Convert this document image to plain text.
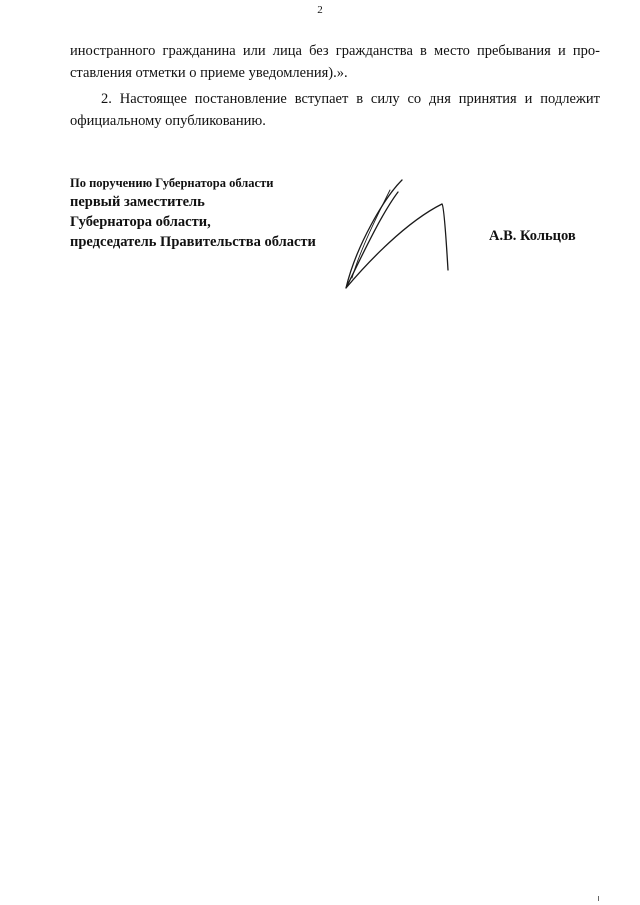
2
иностранного гражданина или лица без гражданства в место пребывания и про-
ставления отметки о приеме уведомления).».
2. Настоящее постановление вступает в силу со дня принятия и подлежит
официальному опубликованию.
По поручению Губернатора области
первый заместитель
Губернатора области,
председатель Правительства области	А.В. Кольцов
